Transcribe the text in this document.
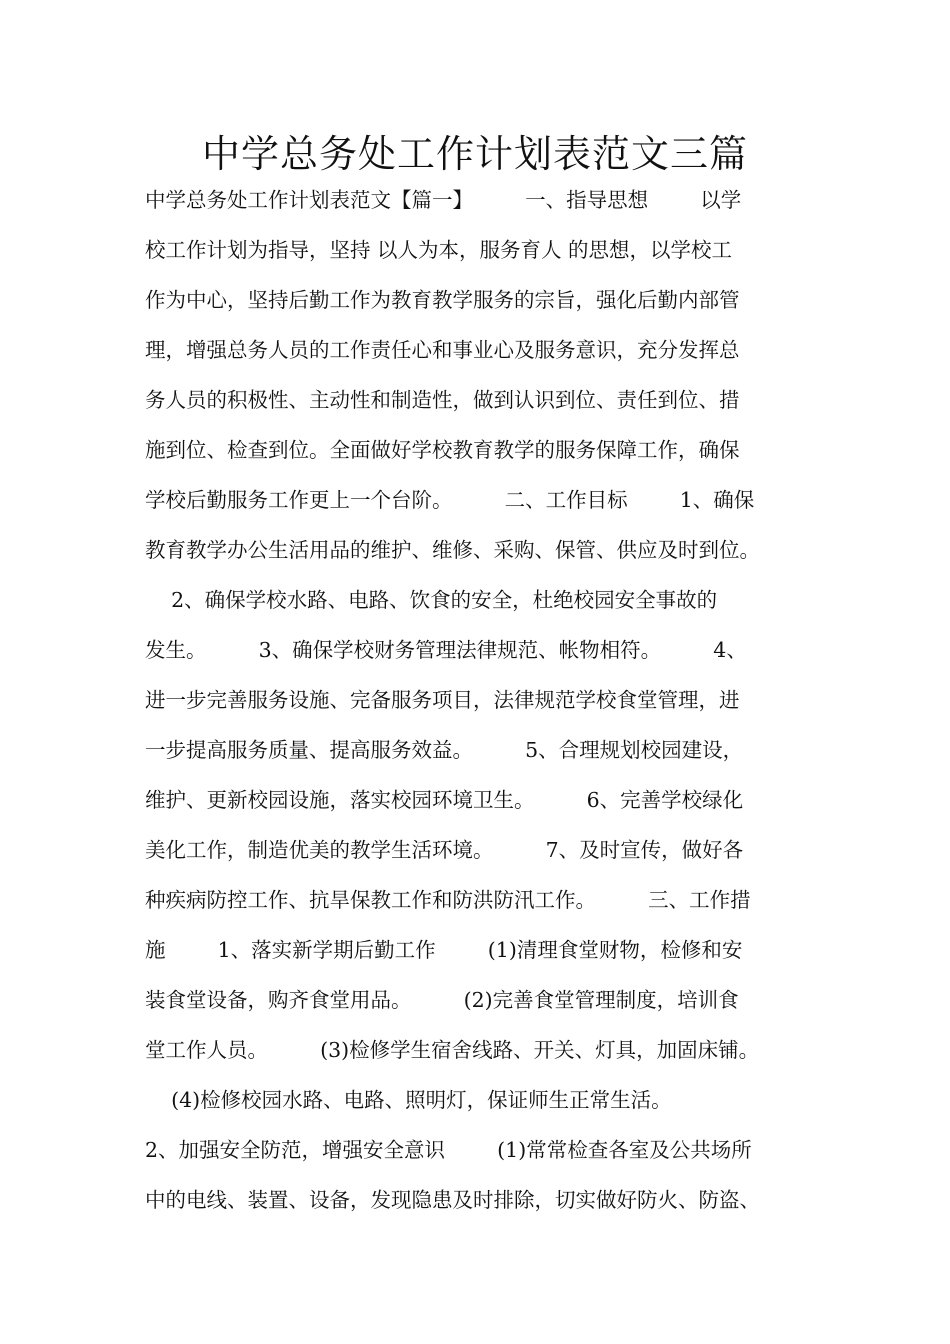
中学总务处工作计划表范文三篇
中学总务处工作计划表范文【篇一】        一、指导思想        以学
校工作计划为指导，坚持 以人为本，服务育人 的思想，以学校工
作为中心，坚持后勤工作为教育教学服务的宗旨，强化后勤内部管
理，增强总务人员的工作责任心和事业心及服务意识，充分发挥总
务人员的积极性、主动性和制造性，做到认识到位、责任到位、措
施到位、检查到位。全面做好学校教育教学的服务保障工作，确保
学校后勤服务工作更上一个台阶。        二、工作目标        1、确保
教育教学办公生活用品的维护、维修、采购、保管、供应及时到位。
2、确保学校水路、电路、饮食的安全，杜绝校园安全事故的
发生。        3、确保学校财务管理法律规范、帐物相符。        4、
进一步完善服务设施、完备服务项目，法律规范学校食堂管理，进
一步提高服务质量、提高服务效益。        5、合理规划校园建设，
维护、更新校园设施，落实校园环境卫生。        6、完善学校绿化
美化工作，制造优美的教学生活环境。        7、及时宣传，做好各
种疾病防控工作、抗旱保教工作和防洪防汛工作。        三、工作措
施        1、落实新学期后勤工作        (1)清理食堂财物，检修和安
装食堂设备，购齐食堂用品。        (2)完善食堂管理制度，培训食
堂工作人员。        (3)检修学生宿舍线路、开关、灯具，加固床铺。
(4)检修校园水路、电路、照明灯，保证师生正常生活。
2、加强安全防范，增强安全意识        (1)常常检查各室及公共场所
中的电线、装置、设备，发现隐患及时排除，切实做好防火、防盗、
